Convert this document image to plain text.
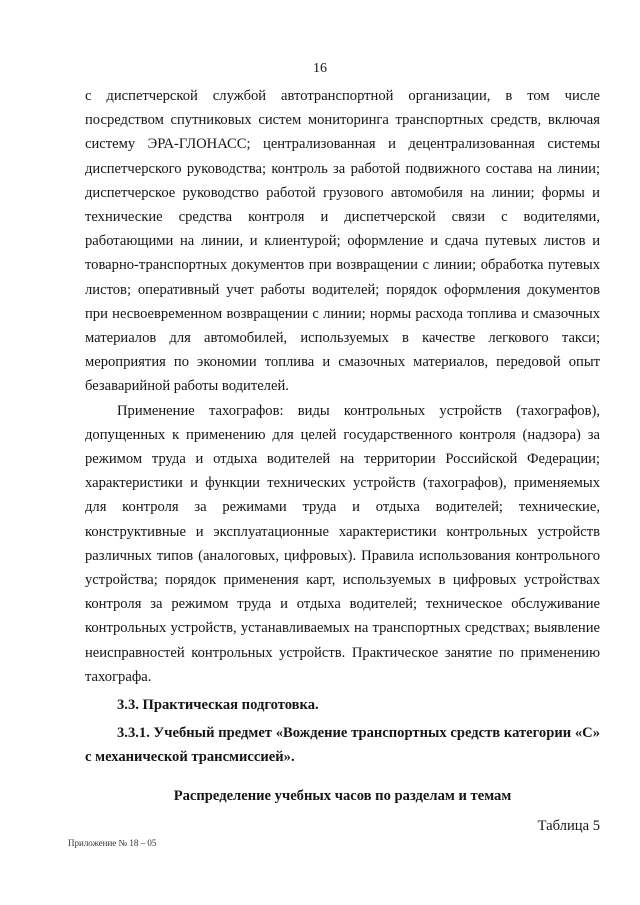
16

с диспетчерской службой автотранспортной организации, в том числе посредством спутниковых систем мониторинга транспортных средств, включая систему ЭРА-ГЛОНАСС; централизованная и децентрализованная системы диспетчерского руководства; контроль за работой подвижного состава на линии; диспетчерское руководство работой грузового автомобиля на линии; формы и технические средства контроля и диспетчерской связи с водителями, работающими на линии, и клиентурой; оформление и сдача путевых листов и товарно-транспортных документов при возвращении с линии; обработка путевых листов; оперативный учет работы водителей; порядок оформления документов при несвоевременном возвращении с линии; нормы расхода топлива и смазочных материалов для автомобилей, используемых в качестве легкового такси; мероприятия по экономии топлива и смазочных материалов, передовой опыт безаварийной работы водителей.

Применение тахографов: виды контрольных устройств (тахографов), допущенных к применению для целей государственного контроля (надзора) за режимом труда и отдыха водителей на территории Российской Федерации; характеристики и функции технических устройств (тахографов), применяемых для контроля за режимами труда и отдыха водителей; технические, конструктивные и эксплуатационные характеристики контрольных устройств различных типов (аналоговых, цифровых). Правила использования контрольного устройства; порядок применения карт, используемых в цифровых устройствах контроля за режимом труда и отдыха водителей; техническое обслуживание контрольных устройств, устанавливаемых на транспортных средствах; выявление неисправностей контрольных устройств. Практическое занятие по применению тахографа.

3.3. Практическая подготовка.

3.3.1. Учебный предмет «Вождение транспортных средств категории «С» с механической трансмиссией».

Распределение учебных часов по разделам и темам

Таблица 5

Приложение № 18 – 05
